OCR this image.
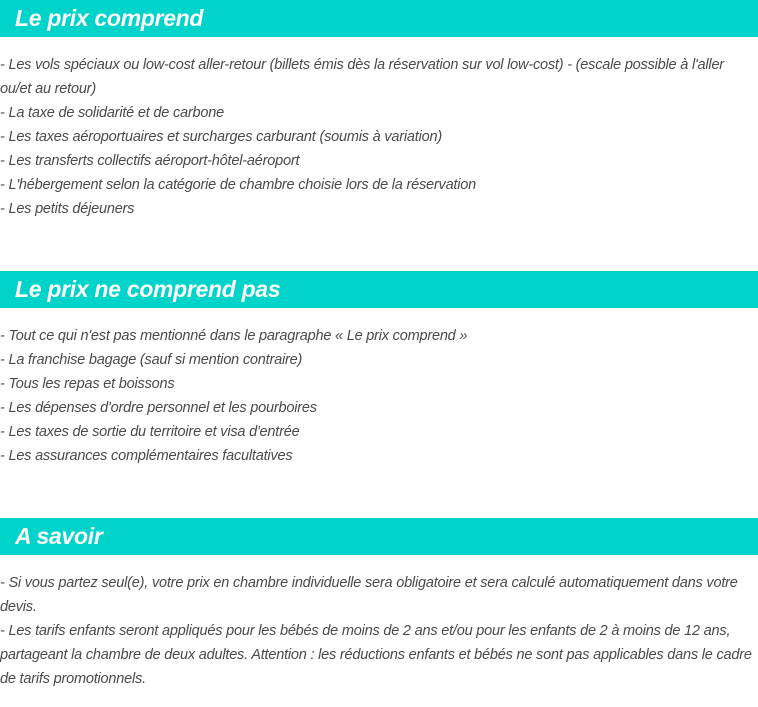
Le prix comprend

- Les vols spéciaux ou low-cost aller-retour (billets émis dès la réservation sur vol low-cost) - (escale possible à l'aller ou/et au retour)

- La taxe de solidarité et de carbone

- Les taxes aéroportuaires et surcharges carburant (soumis à variation)

- Les transferts collectifs aéroport-hôtel-aéroport

- L'hébergement selon la catégorie de chambre choisie lors de la réservation

- Les petits déjeuners

Le prix ne comprend pas

- Tout ce qui n'est pas mentionné dans le paragraphe « Le prix comprend »

- La franchise bagage (sauf si mention contraire)

- Tous les repas et boissons

- Les dépenses d'ordre personnel et les pourboires

- Les taxes de sortie du territoire et visa d'entrée

- Les assurances complémentaires facultatives

A savoir

- Si vous partez seul(e), votre prix en chambre individuelle sera obligatoire et sera calculé automatiquement dans votre devis.

- Les tarifs enfants seront appliqués pour les bébés de moins de 2 ans et/ou pour les enfants de 2 à moins de 12 ans, partageant la chambre de deux adultes. Attention : les réductions enfants et bébés ne sont pas applicables dans le cadre de tarifs promotionnels.
